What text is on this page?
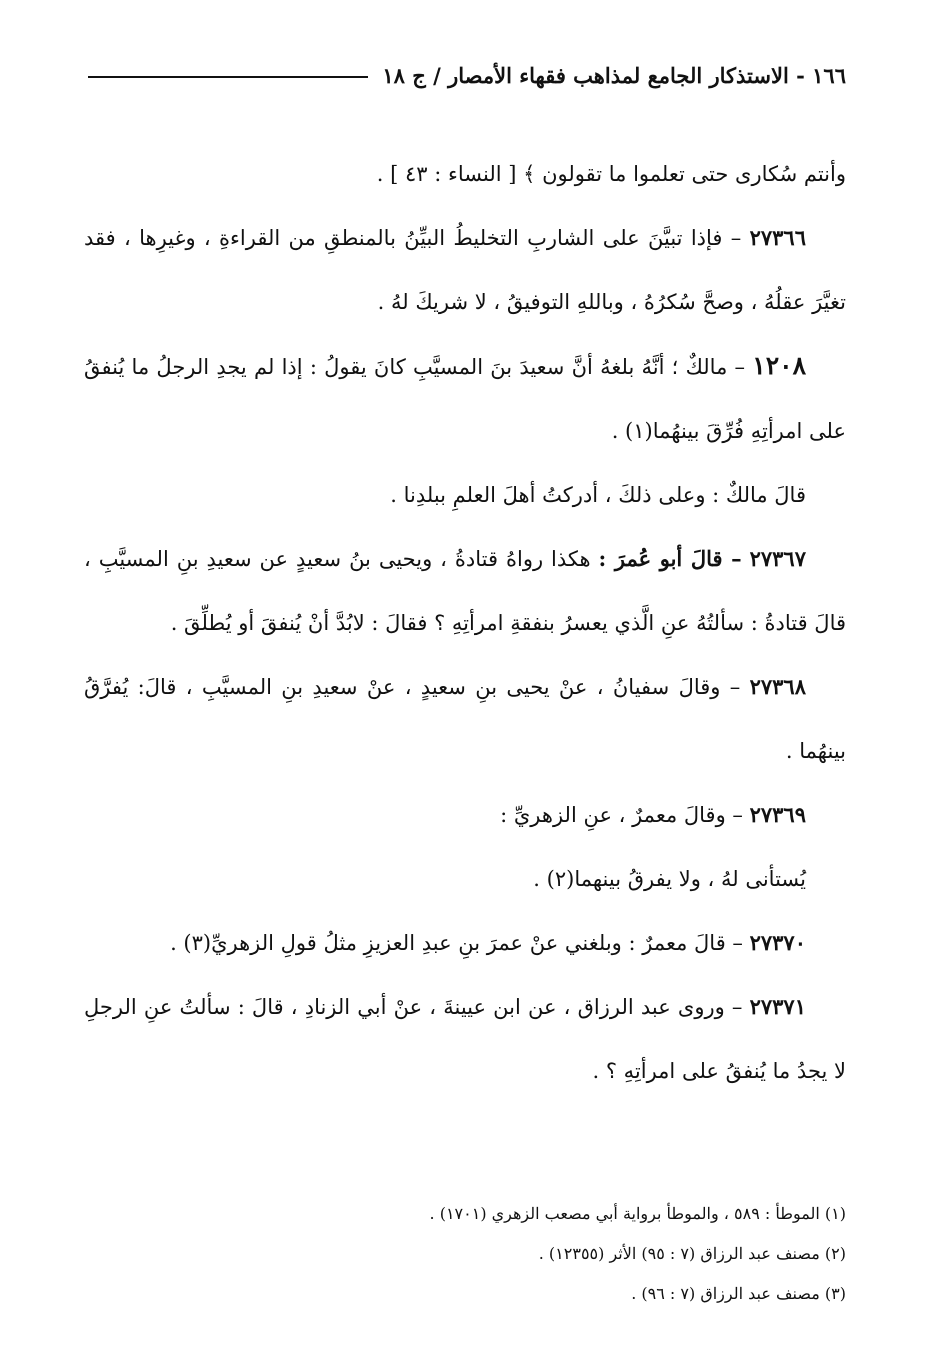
١٦٦ - الاستذكار الجامع لمذاهب فقهاء الأمصار / ج ١٨

وأنتم سُكارى حتى تعلموا ما تقولون ﴾ [ النساء : ٤٣ ] .

٢٧٣٦٦ – فإذا تبيَّنَ على الشاربِ التخليطُ البيِّنُ بالمنطقِ من القراءةِ ، وغيرِها ، فقد تغيَّرَ عقلُهُ ، وصحَّ سُكرُهُ ، وباللهِ التوفيقُ ، لا شريكَ لهُ .

١٢٠٨ – مالكٌ ؛ أنَّهُ بلغهُ أنَّ سعيدَ بنَ المسيَّبِ كانَ يقولُ : إذا لم يجدِ الرجلُ ما يُنفقُ على امرأتِهِ فُرِّقَ بينهُما(١) .

قالَ مالكٌ : وعلى ذلكَ ، أدركتُ أهلَ العلمِ ببلدِنا .

٢٧٣٦٧ – قالَ أبو عُمرَ : هكذا رواهُ قتادةُ ، ويحيى بنُ سعيدٍ عن سعيدِ بنِ المسيَّبِ ، قالَ قتادةُ : سألتُهُ عنِ الَّذي يعسرُ بنفقةِ امرأتِهِ ؟ فقالَ : لابُدَّ أنْ يُنفقَ أو يُطلِّقَ .

٢٧٣٦٨ – وقالَ سفيانُ ، عنْ يحيى بنِ سعيدٍ ، عنْ سعيدِ بنِ المسيَّبِ ، قالَ: يُفرَّقُ بينهُما .

٢٧٣٦٩ – وقالَ معمرٌ ، عنِ الزهريِّ :

يُستأنى لهُ ، ولا يفرقُ بينهما(٢) .

٢٧٣٧٠ – قالَ معمرٌ : وبلغني عنْ عمرَ بنِ عبدِ العزيزِ مثلُ قولِ الزهريِّ(٣) .

٢٧٣٧١ – وروى عبد الرزاق ، عن ابن عيينةَ ، عنْ أبي الزنادِ ، قالَ : سألتُ عنِ الرجلِ لا يجدُ ما يُنفقُ على امرأتِهِ ؟ .

(١) الموطأ : ٥٨٩ ، والموطأ برواية أبي مصعب الزهري (١٧٠١) .

(٢) مصنف عبد الرزاق (٧ : ٩٥) الأثر (١٢٣٥٥) .

(٣) مصنف عبد الرزاق (٧ : ٩٦) .
